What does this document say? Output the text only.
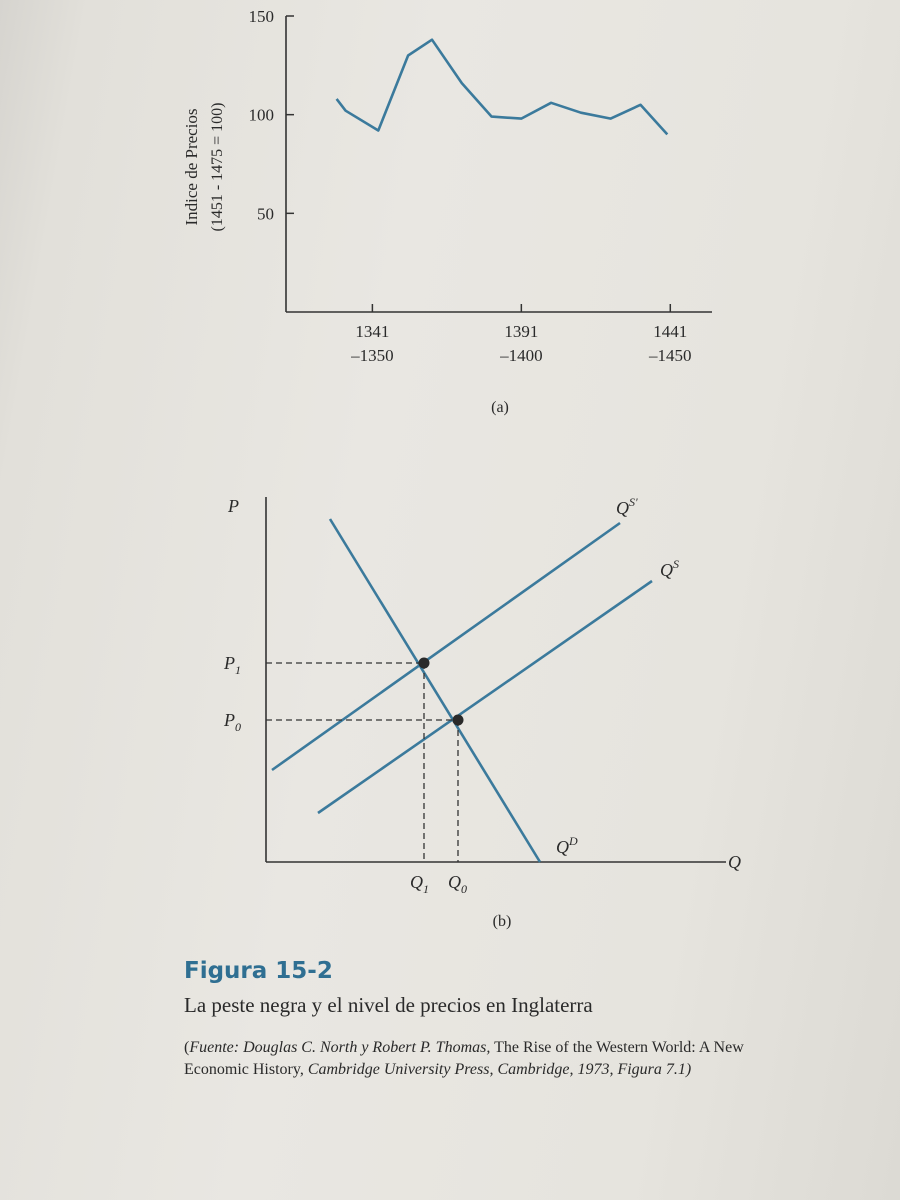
50
100
150
1341
–1350
1391
–1400
1441
–1450
Indice de Precios (1451 - 1475 = 100)
(a)
P
Q
$P_1$
$P_0$
$Q_1$ $Q_0$
$Q^{S'}$
$Q^S$
$Q^D$
(b)

Figura 15-2

La peste negra y el nivel de precios en Inglaterra

(Fuente: Douglas C. North y Robert P. Thomas, The Rise of the Western World: A New Economic History, Cambridge University Press, Cambridge, 1973, Figura 7.1)
